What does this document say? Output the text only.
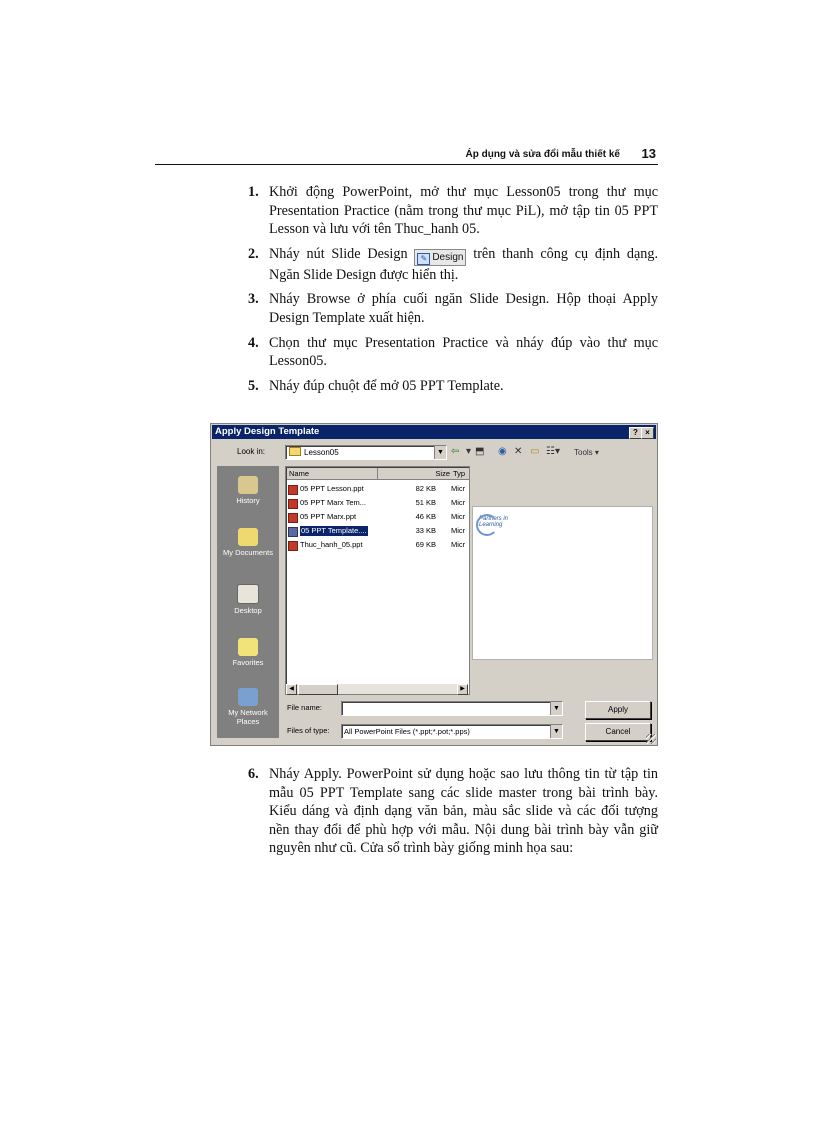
Áp dụng và sửa đổi mẫu thiết kế 13
1. Khởi động PowerPoint, mở thư mục Lesson05 trong thư mục Presentation Practice (nằm trong thư mục PiL), mở tập tin 05 PPT Lesson và lưu với tên Thuc_hanh 05.
2. Nháy nút Slide Design ✎ Design trên thanh công cụ định dạng. Ngăn Slide Design được hiển thị.
3. Nháy Browse ở phía cuối ngăn Slide Design. Hộp thoại Apply Design Template xuất hiện.
4. Chọn thư mục Presentation Practice và nháy đúp vào thư mục Lesson05.
5. Nháy đúp chuột để mở 05 PPT Template.
Apply Design Template	? ×
Look in:	Lesson05	▼ ⇦ ▾ ⬒ ◉ ✕ ▭ ☷▾ Tools ▾
History
My Documents
Desktop
Favorites
My Network Places
Name	Size Typ
05 PPT Lesson.ppt	82 KB Micr
05 PPT Marx Tem...	51 KB Micr
05 PPT Marx.ppt	46 KB Micr
05 PPT Template....	33 KB Micr
Thuc_hanh_05.ppt	69 KB Micr
◀	▶
Partners in Learning
File name:	▼
Files of type:	All PowerPoint Files (*.ppt;*.pot;*.pps)	▼
Apply
Cancel
6. Nháy Apply. PowerPoint sử dụng hoặc sao lưu thông tin từ tập tin mẫu 05 PPT Template sang các slide master trong bài trình bày. Kiểu dáng và định dạng văn bản, màu sắc slide và các đối tượng nền thay đổi để phù hợp với mẫu. Nội dung bài trình bày vẫn giữ nguyên như cũ. Cửa sổ trình bày giống minh họa sau:
